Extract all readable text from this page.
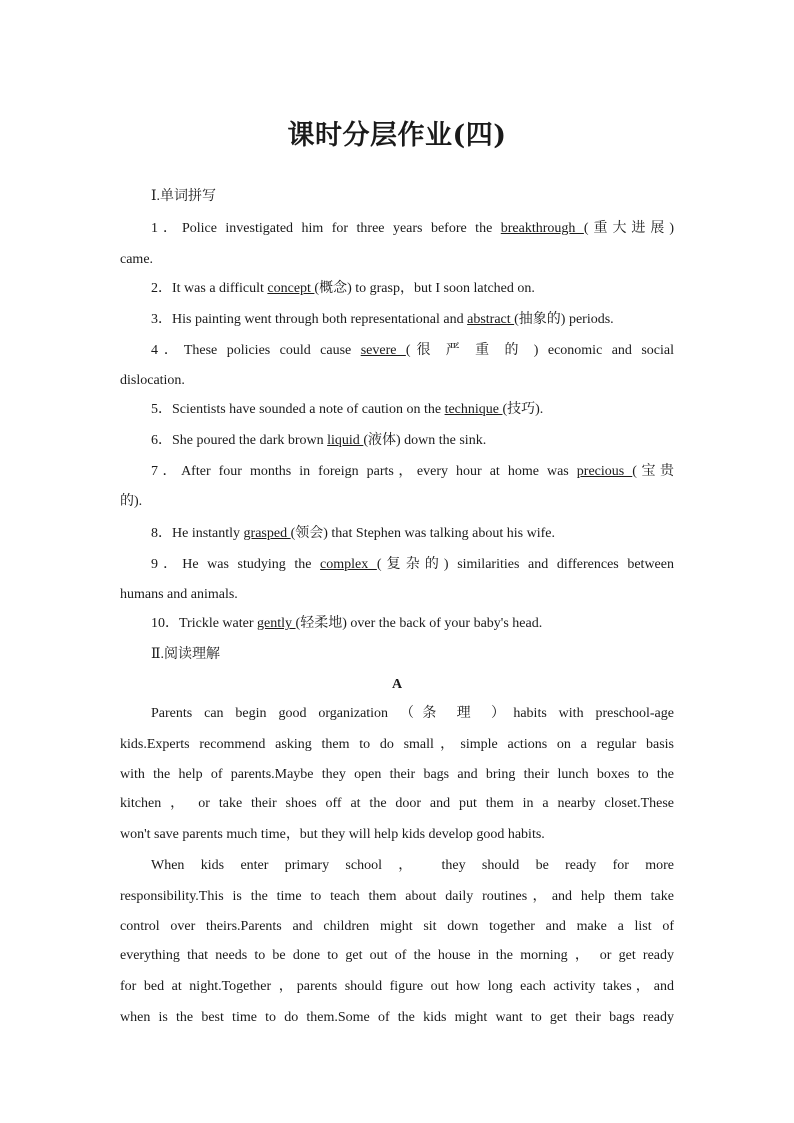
课时分层作业(四)
Ⅰ.单词拼写
1．Police investigated him for three years before the breakthrough (重大进展)
came.
2．It was a difficult concept (概念) to grasp，but I soon latched on.
3．His painting went through both representational and abstract (抽象的) periods.
4．These policies could cause severe (很 严 重 的 ) economic and social
dislocation.
5．Scientists have sounded a note of caution on the technique (技巧).
6．She poured the dark brown liquid (液体) down the sink.
7．After four months in foreign parts，every hour at home was precious (宝贵
的).
8．He instantly grasped (领会) that Stephen was talking about his wife.
9．He was studying the complex (复杂的) similarities and differences between
humans and animals.
10．Trickle water gently (轻柔地) over the back of your baby's head.
Ⅱ.阅读理解
A
Parents can begin good organization （条 理 ）habits with preschool-age
kids.Experts recommend asking them to do small，simple actions on a regular basis
with the help of parents.Maybe they open their bags and bring their lunch boxes to the
kitchen ， or take their shoes off at the door and put them in a nearby closet.These
won't save parents much time，but they will help kids develop good habits.
When kids enter primary school ， they should be ready for more
responsibility.This is the time to teach them about daily routines，and help them take
control over theirs.Parents and children might sit down together and make a list of
everything that needs to be done to get out of the house in the morning ， or get ready
for bed at night.Together ，parents should figure out how long each activity takes，and
when is the best time to do them.Some of the kids might want to get their bags ready
